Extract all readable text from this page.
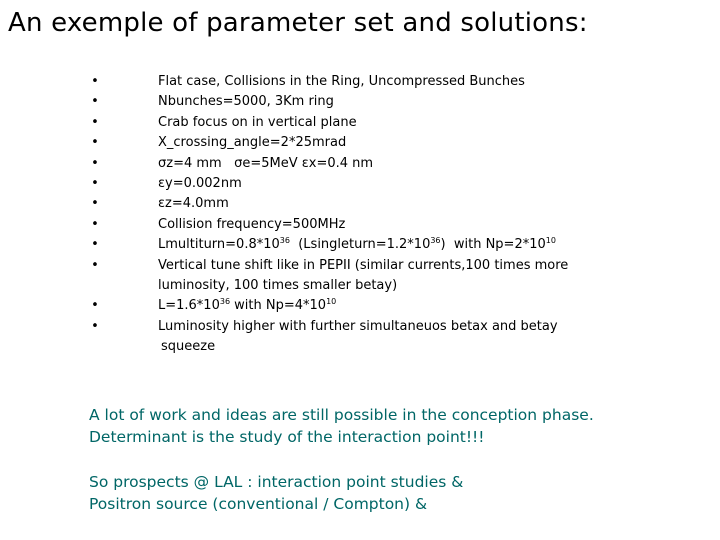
An exemple of parameter set and solutions:
•	Flat case, Collisions in the Ring, Uncompressed Bunches
•	Nbunches=5000, 3Km ring
•	Crab focus on in vertical plane
•	X_crossing_angle=2*25mrad
•	σz=4 mm   σe=5MeV εx=0.4 nm
•	εy=0.002nm
•	εz=4.0mm
•	Collision frequency=500MHz
•	$Lmultiturn=0.8*10^{36}$  $(Lsingleturn=1.2*10^{36})$  with $Np=2*10^{10}$
•	Vertical tune shift like in PEPII (similar currents,100 times more
luminosity, 100 times smaller betay)
•	$L=1.6*10^{36}$ with $Np=4*10^{10}$
•	Luminosity higher with further simultaneuos betax and betay
squeeze
A lot of work and ideas are still possible in the conception phase.
Determinant is the study of the interaction point!!!
So prospects @ LAL : interaction point studies &
Positron source (conventional / Compton) &
